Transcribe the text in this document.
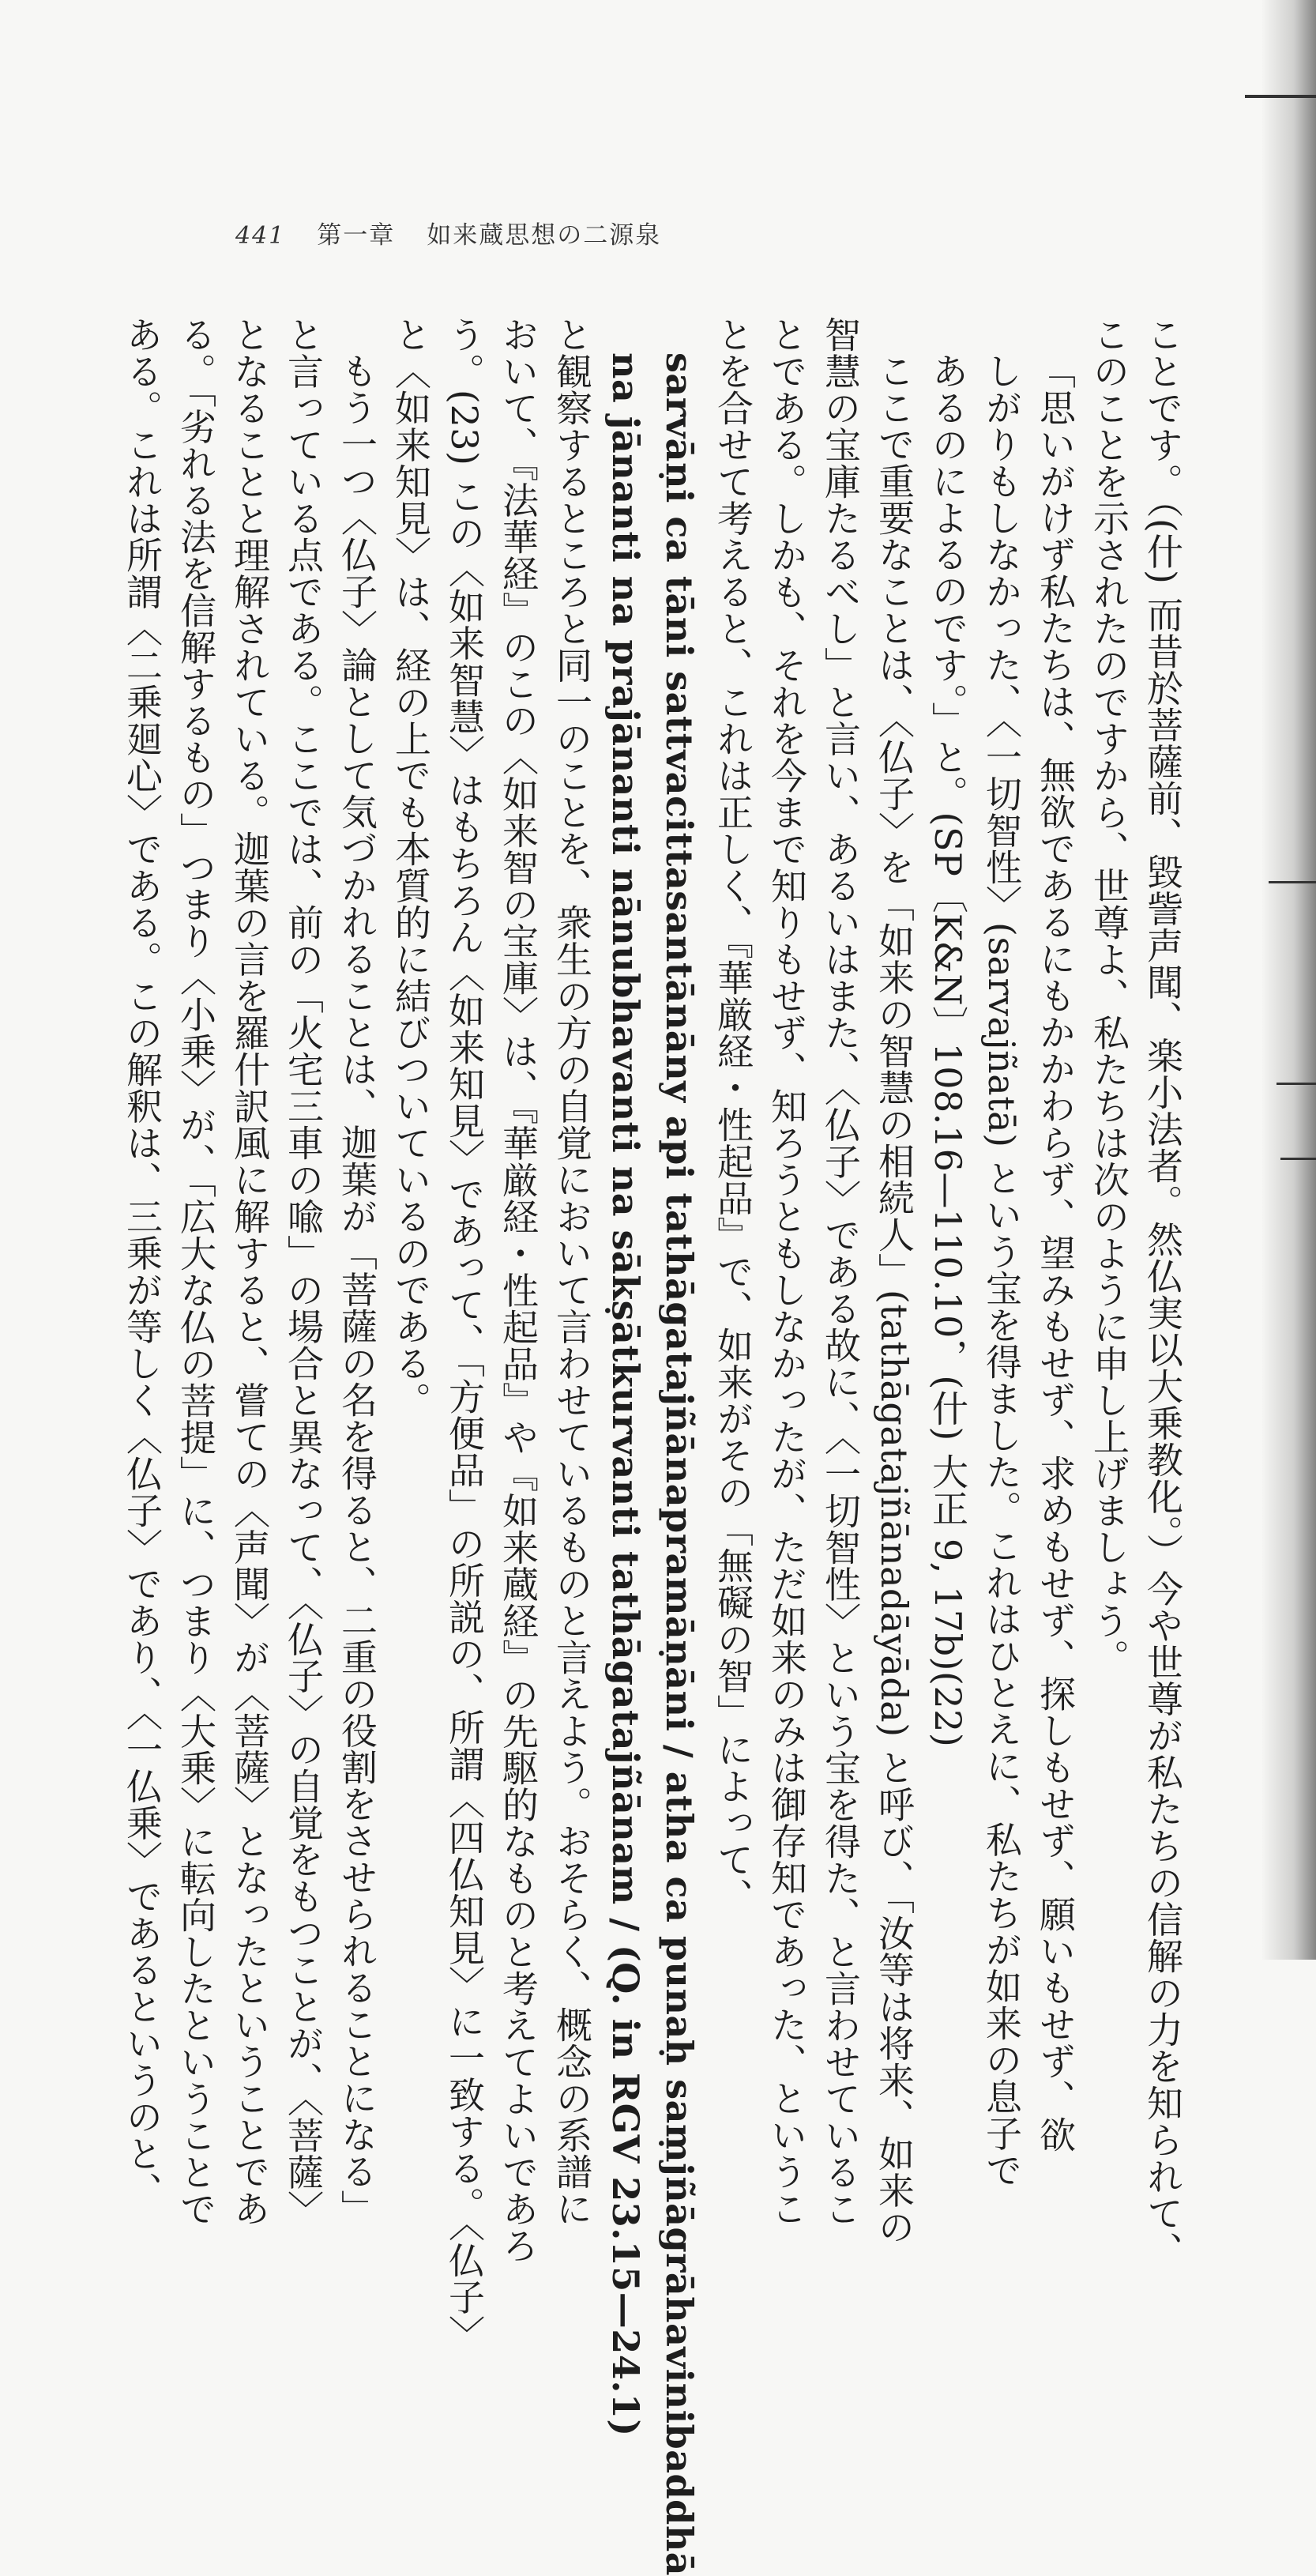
441 第一章 如来蔵思想の二源泉
ことです。（(什) 而昔於菩薩前、毀訾声聞、楽小法者。然仏実以大乗教化。）今や世尊が私たちの信解の力を知られて、
このことを示されたのですから、世尊よ、私たちは次のように申し上げましょう。
「思いがけず私たちは、無欲であるにもかかわらず、望みもせず、求めもせず、探しもせず、願いもせず、欲
しがりもしなかった、〈一切智性〉(sarvajñatā) という宝を得ました。これはひとえに、私たちが如来の息子で
あるのによるのです。」と。(SP〔K&N〕108.16—110.10，(什) 大正 9, 17b)(22)
ここで重要なことは、〈仏子〉を「如来の智慧の相続人」(tathāgatajñānadāyāda) と呼び、「汝等は将来、如来の
智慧の宝庫たるべし」と言い、あるいはまた、〈仏子〉である故に、〈一切智性〉という宝を得た、と言わせているこ
とである。しかも、それを今まで知りもせず、知ろうともしなかったが、ただ如来のみは御存知であった、というこ
とを合せて考えると、これは正しく、『華厳経・性起品』で、如来がその「無礙の智」によって、
sarvāṇi ca tāni sattvacittasantānāny api tathāgatajñānapramāṇāni / atha ca punaḥ saṃjñāgrāhavinibaddhā
na jānanti na prajānanti nānubhavanti na sākṣātkurvanti tathāgatajñānam / (Q. in RGV 23.15—24.1)
と観察するところと同一のことを、衆生の方の自覚において言わせているものと言えよう。おそらく、概念の系譜に
おいて、『法華経』のこの〈如来智の宝庫〉は、『華厳経・性起品』や『如来蔵経』の先駆的なものと考えてよいであろ
う。(23) この〈如来智慧〉はもちろん〈如来知見〉であって、「方便品」の所説の、所謂〈四仏知見〉に一致する。〈仏子〉
と〈如来知見〉は、経の上でも本質的に結びついているのである。
もう一つ〈仏子〉論として気づかれることは、迦葉が「菩薩の名を得ると、二重の役割をさせられることになる」
と言っている点である。ここでは、前の「火宅三車の喩」の場合と異なって、〈仏子〉の自覚をもつことが、〈菩薩〉
となることと理解されている。迦葉の言を羅什訳風に解すると、嘗ての〈声聞〉が〈菩薩〉となったということであ
る。「劣れる法を信解するもの」つまり〈小乗〉が、「広大な仏の菩提」に、つまり〈大乗〉に転向したということで
ある。これは所謂〈二乗廻心〉である。この解釈は、三乗が等しく〈仏子〉であり、〈一仏乗〉であるというのと、
